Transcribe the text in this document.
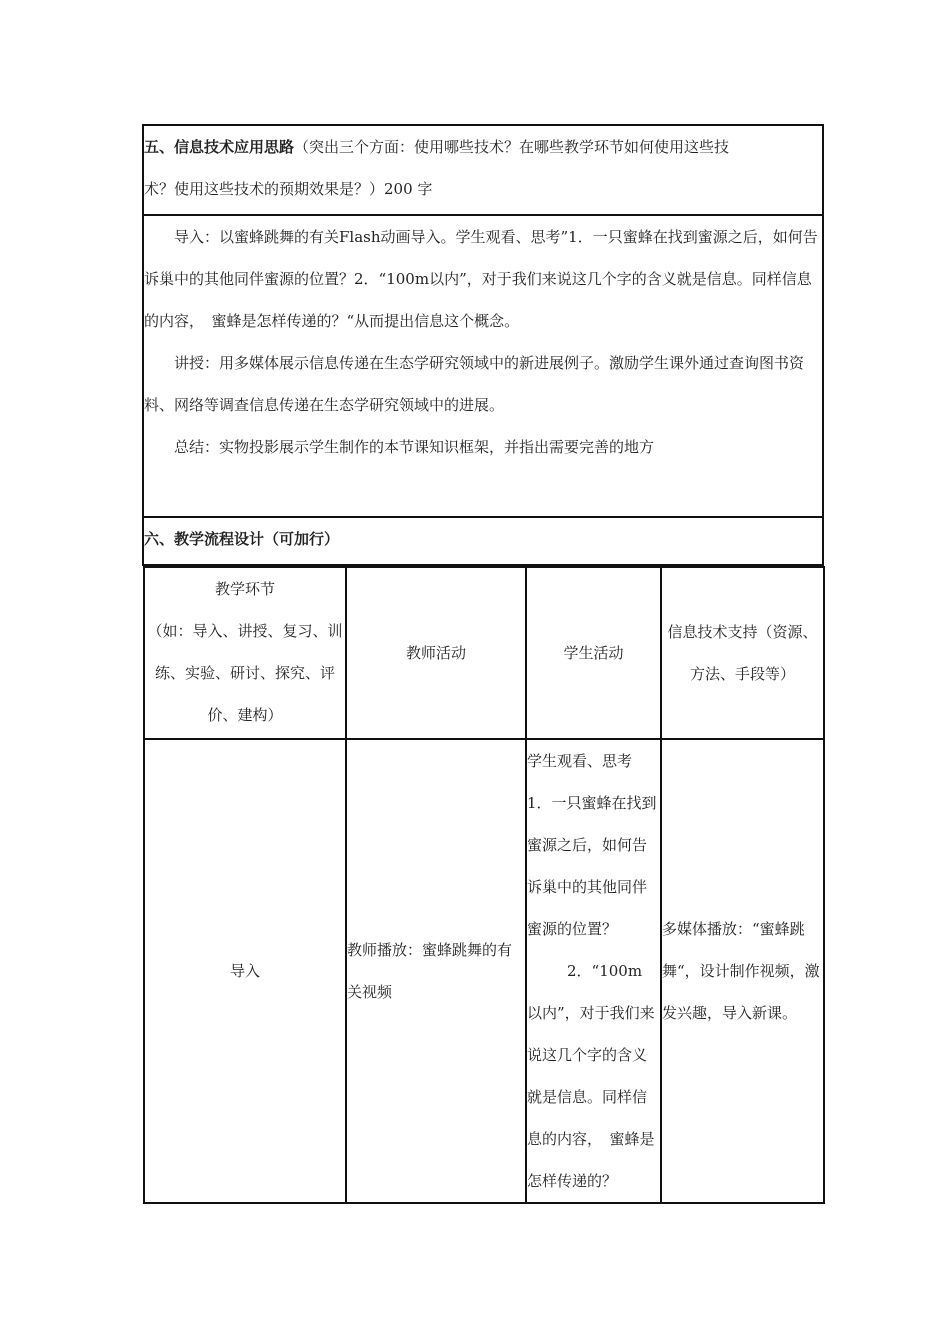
五、信息技术应用思路（突出三个方面：使用哪些技术？在哪些教学环节如何使用这些技
术？使用这些技术的预期效果是？）200 字

导入：以蜜蜂跳舞的有关Flash动画导入。学生观看、思考”1．一只蜜蜂在找到蜜源之后，如何告诉巢中的其他同伴蜜源的位置？2．“100m以内”，对于我们来说这几个字的含义就是信息。同样信息的内容，　蜜蜂是怎样传递的？“从而提出信息这个概念。

讲授：用多媒体展示信息传递在生态学研究领域中的新进展例子。激励学生课外通过查询图书资料、网络等调查信息传递在生态学研究领域中的进展。

总结：实物投影展示学生制作的本节课知识框架，并指出需要完善的地方

六、教学流程设计（可加行）

教学环节
（如：导入、讲授、复习、训练、实验、研讨、探究、评价、建构）	教师活动	学生活动	信息技术支持（资源、方法、手段等）
导入	教师播放：蜜蜂跳舞的有关视频	学生观看、思考
1．一只蜜蜂在找到蜜源之后，如何告诉巢中的其他同伴蜜源的位置？

2．“100m
以内”，对于我们来说这几个字的含义就是信息。同样信息的内容，　蜜蜂是怎样传递的？	多媒体播放：“蜜蜂跳舞“，设计制作视频，激发兴趣，导入新课。
